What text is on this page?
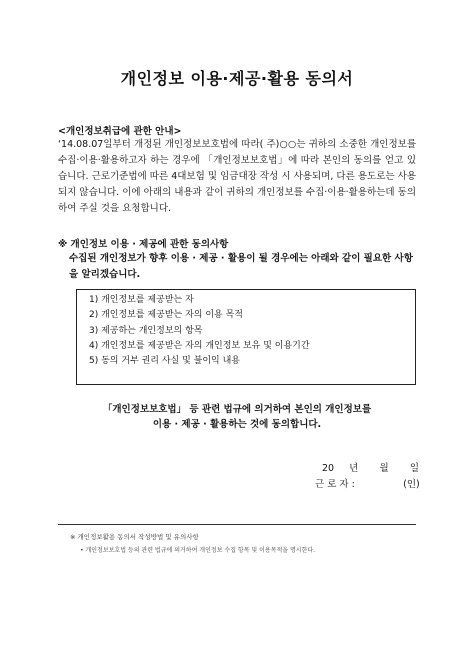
개인정보 이용·제공·활용 동의서
<개인정보취급에 관한 안내>
‘14.08.07일부터 개정된 개인정보보호법에 따라( 주)○○는 귀하의 소중한 개인정보를 수집·이용·활용하고자 하는 경우에 「개인정보보호법」에 따라 본인의 동의를 얻고 있습니다. 근로기준법에 따른 4대보험 및 임금대장 작성 시 사용되며, 다른 용도로는 사용되지 않습니다. 이에 아래의 내용과 같이 귀하의 개인정보를 수집·이용·활용하는데 동의하여 주실 것을 요청합니다.
※ 개인정보 이용 · 제공에 관한 동의사항
수집된 개인정보가 향후 이용 · 제공 · 활용이 될 경우에는 아래와 같이 필요한 사항을 알리겠습니다.
1) 개인정보를 제공받는 자
2) 개인정보를 제공받는 자의 이용 목적
3) 제공하는 개인정보의 항목
4) 개인정보를 제공받은 자의 개인정보 보유 및 이용기간
5) 동의 거부 권리 사실 및 불이익 내용
「개인정보보호법」 등 관련 법규에 의거하여 본인의 개인정보를
이용 · 제공 · 활용하는 것에 동의합니다.
20     년       월       일
근 로 자 :                (인)
※ 개인정보활용 동의서 작성방법 및 유의사항
• 개인정보보호법 등의 관련 법규에 의거하여 개인정보 수집 항목 및 이용목적을 명시한다.
